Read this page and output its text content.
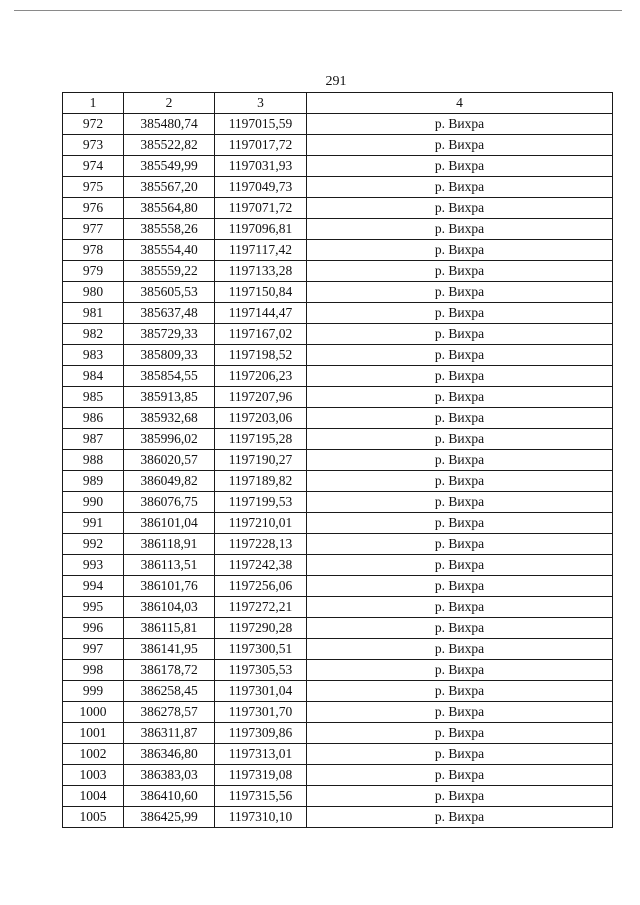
291
1	2	3	4
972	385480,74	1197015,59	р. Вихра
973	385522,82	1197017,72	р. Вихра
974	385549,99	1197031,93	р. Вихра
975	385567,20	1197049,73	р. Вихра
976	385564,80	1197071,72	р. Вихра
977	385558,26	1197096,81	р. Вихра
978	385554,40	1197117,42	р. Вихра
979	385559,22	1197133,28	р. Вихра
980	385605,53	1197150,84	р. Вихра
981	385637,48	1197144,47	р. Вихра
982	385729,33	1197167,02	р. Вихра
983	385809,33	1197198,52	р. Вихра
984	385854,55	1197206,23	р. Вихра
985	385913,85	1197207,96	р. Вихра
986	385932,68	1197203,06	р. Вихра
987	385996,02	1197195,28	р. Вихра
988	386020,57	1197190,27	р. Вихра
989	386049,82	1197189,82	р. Вихра
990	386076,75	1197199,53	р. Вихра
991	386101,04	1197210,01	р. Вихра
992	386118,91	1197228,13	р. Вихра
993	386113,51	1197242,38	р. Вихра
994	386101,76	1197256,06	р. Вихра
995	386104,03	1197272,21	р. Вихра
996	386115,81	1197290,28	р. Вихра
997	386141,95	1197300,51	р. Вихра
998	386178,72	1197305,53	р. Вихра
999	386258,45	1197301,04	р. Вихра
1000	386278,57	1197301,70	р. Вихра
1001	386311,87	1197309,86	р. Вихра
1002	386346,80	1197313,01	р. Вихра
1003	386383,03	1197319,08	р. Вихра
1004	386410,60	1197315,56	р. Вихра
1005	386425,99	1197310,10	р. Вихра
